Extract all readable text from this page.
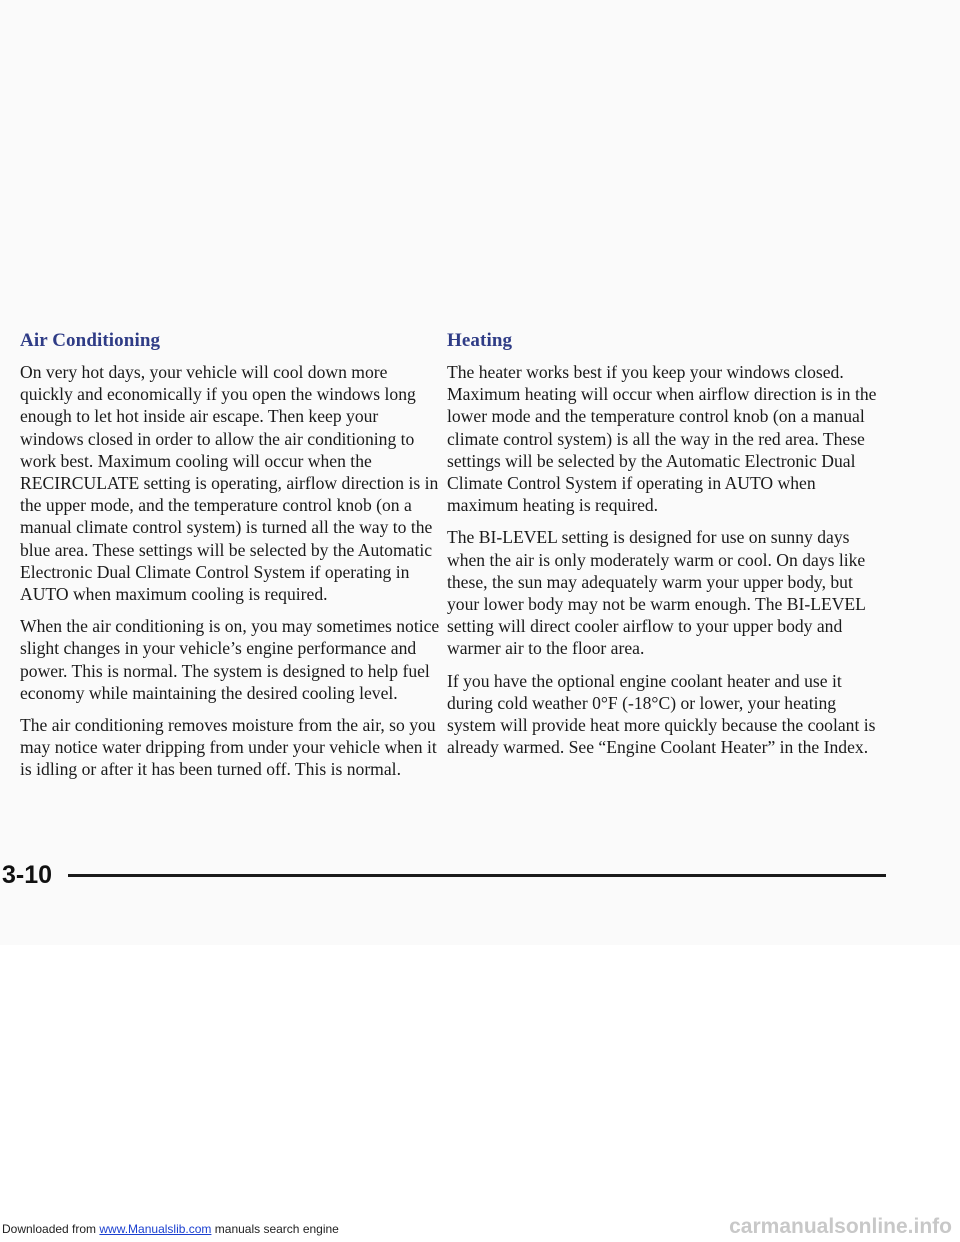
Air Conditioning

On very hot days, your vehicle will cool down more quickly and economically if you open the windows long enough to let hot inside air escape. Then keep your windows closed in order to allow the air conditioning to work best. Maximum cooling will occur when the RECIRCULATE setting is operating, airflow direction is in the upper mode, and the temperature control knob (on a manual climate control system) is turned all the way to the blue area. These settings will be selected by the Automatic Electronic Dual Climate Control System if operating in AUTO when maximum cooling is required.

When the air conditioning is on, you may sometimes notice slight changes in your vehicle’s engine performance and power. This is normal. The system is designed to help fuel economy while maintaining the desired cooling level.

The air conditioning removes moisture from the air, so you may notice water dripping from under your vehicle when it is idling or after it has been turned off. This is normal.

Heating

The heater works best if you keep your windows closed. Maximum heating will occur when airflow direction is in the lower mode and the temperature control knob (on a manual climate control system) is all the way in the red area. These settings will be selected by the Automatic Electronic Dual Climate Control System if operating in AUTO when maximum heating is required.

The BI-LEVEL setting is designed for use on sunny days when the air is only moderately warm or cool. On days like these, the sun may adequately warm your upper body, but your lower body may not be warm enough. The BI-LEVEL setting will direct cooler airflow to your upper body and warmer air to the floor area.

If you have the optional engine coolant heater and use it during cold weather 0°F (-18°C) or lower, your heating system will provide heat more quickly because the coolant is already warmed. See “Engine Coolant Heater” in the Index.

3-10
Downloaded from www.Manualslib.com manuals search engine	carmanualsonline.info
